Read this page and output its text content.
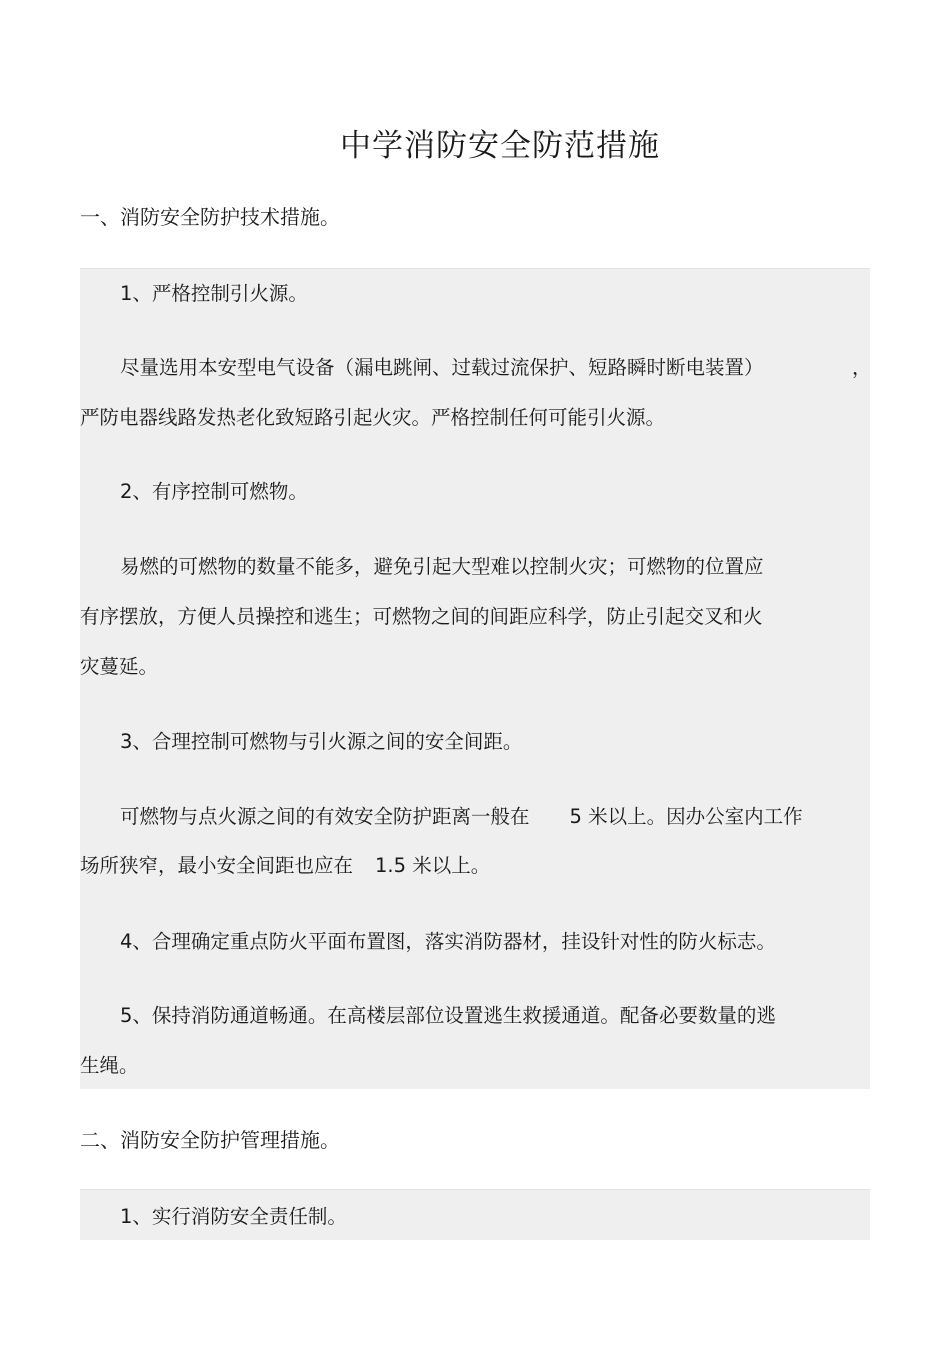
中学消防安全防范措施

一、消防安全防护技术措施。

1、严格控制引火源。

尽量选用本安型电气设备（漏电跳闸、过载过流保护、短路瞬时断电装置）	，

严防电器线路发热老化致短路引起火灾。严格控制任何可能引火源。

2、有序控制可燃物。

易燃的可燃物的数量不能多，避免引起大型难以控制火灾；可燃物的位置应

有序摆放，方便人员操控和逃生；可燃物之间的间距应科学，防止引起交叉和火

灾蔓延。

3、合理控制可燃物与引火源之间的安全间距。

可燃物与点火源之间的有效安全防护距离一般在 5 米以上。因办公室内工作

场所狭窄，最小安全间距也应在 1.5 米以上。

4、合理确定重点防火平面布置图，落实消防器材，挂设针对性的防火标志。

5、保持消防通道畅通。在高楼层部位设置逃生救援通道。配备必要数量的逃

生绳。

二、消防安全防护管理措施。

1、实行消防安全责任制。
